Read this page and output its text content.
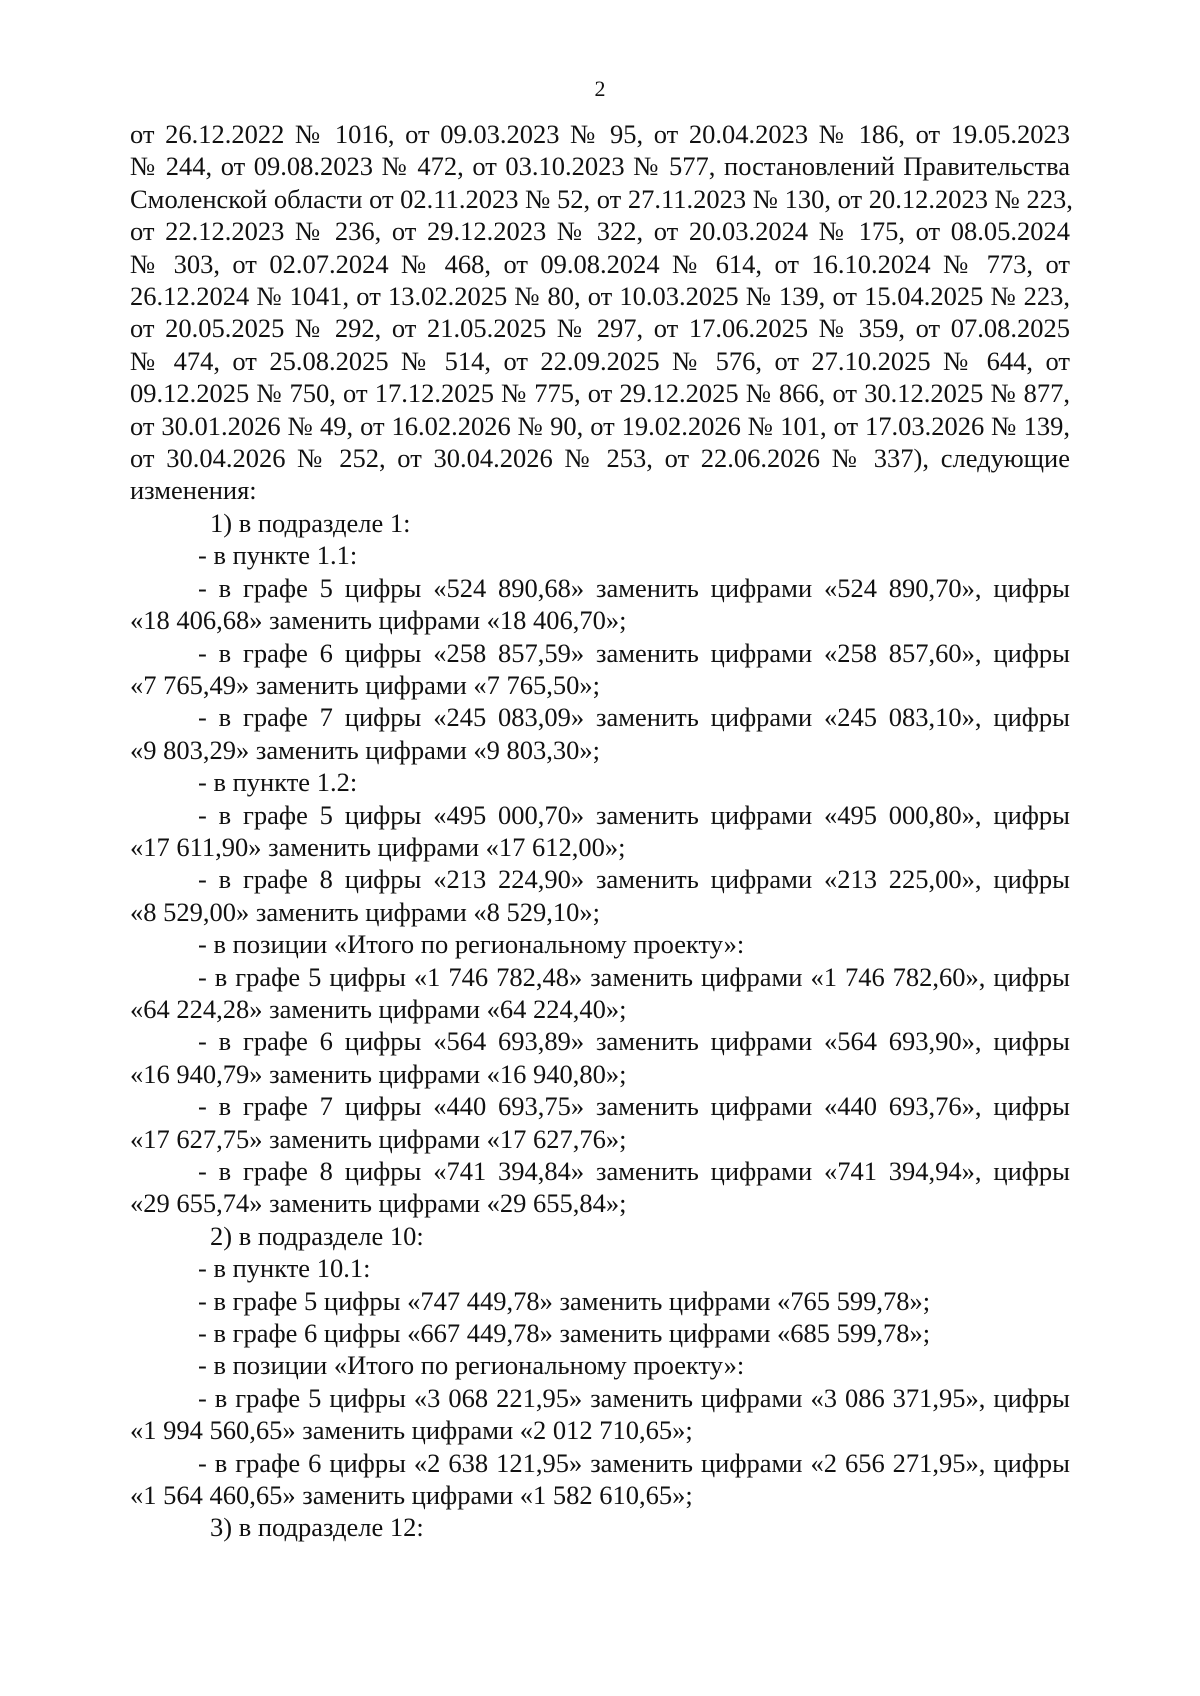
2
от 26.12.2022 № 1016, от 09.03.2023 № 95, от 20.04.2023 № 186, от 19.05.2023
№ 244, от 09.08.2023 № 472, от 03.10.2023 № 577, постановлений Правительства
Смоленской области от 02.11.2023 № 52, от 27.11.2023 № 130, от 20.12.2023 № 223,
от 22.12.2023 № 236, от 29.12.2023 № 322, от 20.03.2024 № 175, от 08.05.2024
№ 303, от 02.07.2024 № 468, от 09.08.2024 № 614, от 16.10.2024 № 773, от
26.12.2024 № 1041, от 13.02.2025 № 80, от 10.03.2025 № 139, от 15.04.2025 № 223,
от 20.05.2025 № 292, от 21.05.2025 № 297, от 17.06.2025 № 359, от 07.08.2025
№ 474, от 25.08.2025 № 514, от 22.09.2025 № 576, от 27.10.2025 № 644, от
09.12.2025 № 750, от 17.12.2025 № 775, от 29.12.2025 № 866, от 30.12.2025 № 877,
от 30.01.2026 № 49, от 16.02.2026 № 90, от 19.02.2026 № 101, от 17.03.2026 № 139,
от 30.04.2026 № 252, от 30.04.2026 № 253, от 22.06.2026 № 337), следующие
изменения:
1) в подразделе 1:
- в пункте 1.1:
- в графе 5 цифры «524 890,68» заменить цифрами «524 890,70», цифры
«18 406,68» заменить цифрами «18 406,70»;
- в графе 6 цифры «258 857,59» заменить цифрами «258 857,60», цифры
«7 765,49» заменить цифрами «7 765,50»;
- в графе 7 цифры «245 083,09» заменить цифрами «245 083,10», цифры
«9 803,29» заменить цифрами «9 803,30»;
- в пункте 1.2:
- в графе 5 цифры «495 000,70» заменить цифрами «495 000,80», цифры
«17 611,90» заменить цифрами «17 612,00»;
- в графе 8 цифры «213 224,90» заменить цифрами «213 225,00», цифры
«8 529,00» заменить цифрами «8 529,10»;
- в позиции «Итого по региональному проекту»:
- в графе 5 цифры «1 746 782,48» заменить цифрами «1 746 782,60», цифры
«64 224,28» заменить цифрами «64 224,40»;
- в графе 6 цифры «564 693,89» заменить цифрами «564 693,90», цифры
«16 940,79» заменить цифрами «16 940,80»;
- в графе 7 цифры «440 693,75» заменить цифрами «440 693,76», цифры
«17 627,75» заменить цифрами «17 627,76»;
- в графе 8 цифры «741 394,84» заменить цифрами «741 394,94», цифры
«29 655,74» заменить цифрами «29 655,84»;
2) в подразделе 10:
- в пункте 10.1:
- в графе 5 цифры «747 449,78» заменить цифрами «765 599,78»;
- в графе 6 цифры «667 449,78» заменить цифрами «685 599,78»;
- в позиции «Итого по региональному проекту»:
- в графе 5 цифры «3 068 221,95» заменить цифрами «3 086 371,95», цифры
«1 994 560,65» заменить цифрами «2 012 710,65»;
- в графе 6 цифры «2 638 121,95» заменить цифрами «2 656 271,95», цифры
«1 564 460,65» заменить цифрами «1 582 610,65»;
3) в подразделе 12:
